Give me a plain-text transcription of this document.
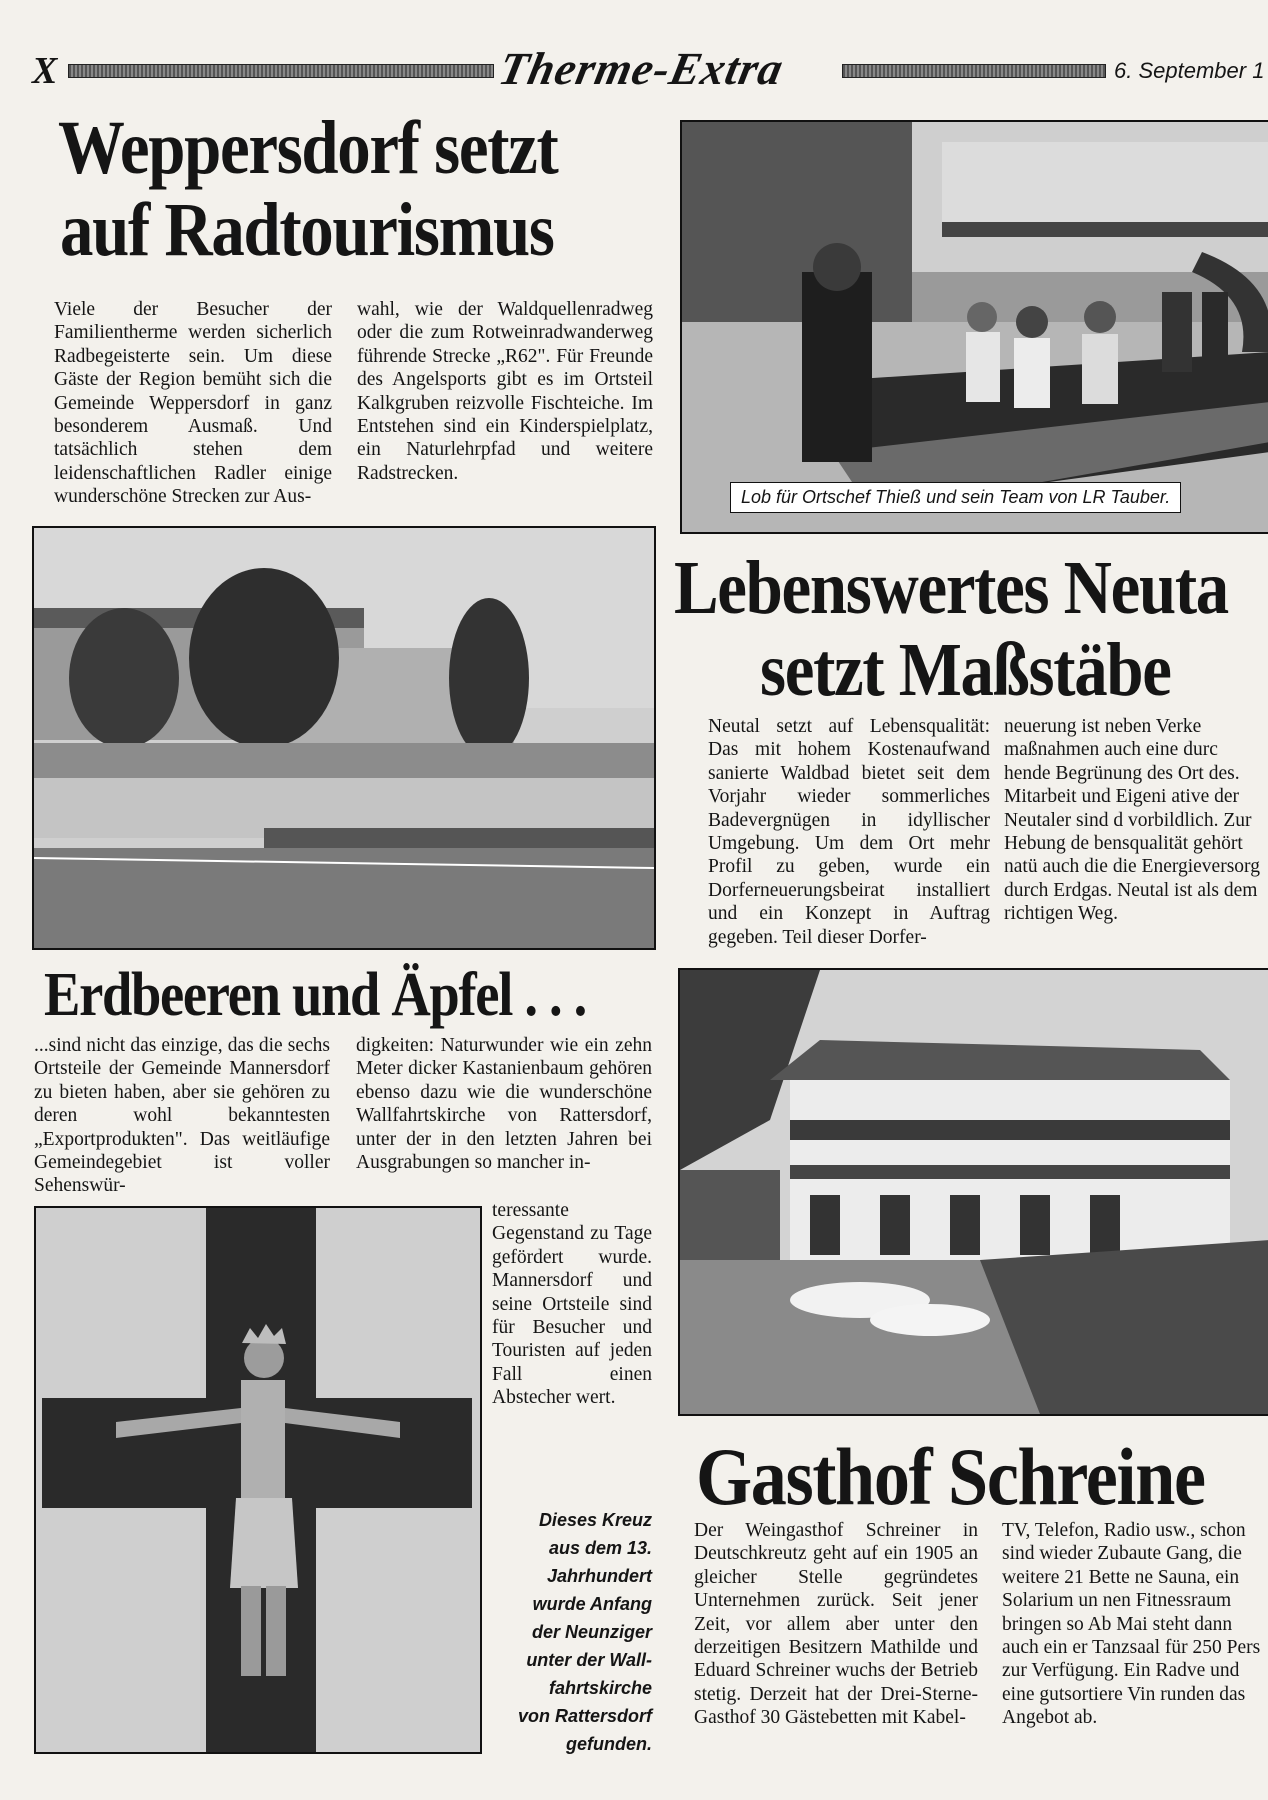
X	Therme-Extra	6. September 1
Weppersdorf setzt
auf Radtourismus
Viele der Besucher der Familientherme werden sicherlich Radbegeisterte sein. Um diese Gäste der Region bemüht sich die Gemeinde Weppersdorf in ganz besonderem Ausmaß. Und tatsächlich stehen dem leidenschaftlichen Radler einige wunderschöne Strecken zur Aus-
wahl, wie der Waldquellenradweg oder die zum Rotweinradwanderweg führende Strecke „R62". Für Freunde des Angelsports gibt es im Ortsteil Kalkgruben reizvolle Fischteiche. Im Entstehen sind ein Kinderspielplatz, ein Naturlehrpfad und weitere Radstrecken.
Lob für Ortschef Thieß und sein Team von LR Tauber.
Lebenswertes Neuta
setzt Maßstäbe
Neutal setzt auf Lebensqualität: Das mit hohem Kostenaufwand sanierte Waldbad bietet seit dem Vorjahr wieder sommerliches Badevergnügen in idyllischer Umgebung. Um dem Ort mehr Profil zu geben, wurde ein Dorferneuerungsbeirat installiert und ein Konzept in Auftrag gegeben. Teil dieser Dorfer-
neuerung ist neben Verke maßnahmen auch eine durc hende Begrünung des Ort des. Mitarbeit und Eigeni ative der Neutaler sind d vorbildlich. Zur Hebung de bensqualität gehört natü auch die die Energieversorg durch Erdgas. Neutal ist als dem richtigen Weg.
Erdbeeren und Äpfel . . .
...sind nicht das einzige, das die sechs Ortsteile der Gemeinde Mannersdorf zu bieten haben, aber sie gehören zu deren wohl bekanntesten „Exportprodukten". Das weitläufige Gemeindegebiet ist voller Sehenswür-
digkeiten: Naturwunder wie ein zehn Meter dicker Kastanienbaum gehören ebenso dazu wie die wunderschöne Wallfahrtskirche von Rattersdorf, unter der in den letzten Jahren bei Ausgrabungen so mancher in-
teressante Gegenstand zu Tage gefördert wurde. Mannersdorf und seine Ortsteile sind für Besucher und Touristen auf jeden Fall einen Abstecher wert.
Dieses Kreuz
aus dem 13.
Jahrhundert
wurde Anfang
der Neunziger
unter der Wall-
fahrtskirche
von Rattersdorf
gefunden.
Gasthof Schreine
Der Weingasthof Schreiner in Deutschkreutz geht auf ein 1905 an gleicher Stelle gegründetes Unternehmen zurück. Seit jener Zeit, vor allem aber unter den derzeitigen Besitzern Mathilde und Eduard Schreiner wuchs der Betrieb stetig. Derzeit hat der Drei-Sterne-Gasthof 30 Gästebetten mit Kabel-
TV, Telefon, Radio usw., schon sind wieder Zubaute Gang, die weitere 21 Bette ne Sauna, ein Solarium un nen Fitnessraum bringen so Ab Mai steht dann auch ein er Tanzsaal für 250 Pers zur Verfügung. Ein Radve und eine gutsortiere Vin runden das Angebot ab.
